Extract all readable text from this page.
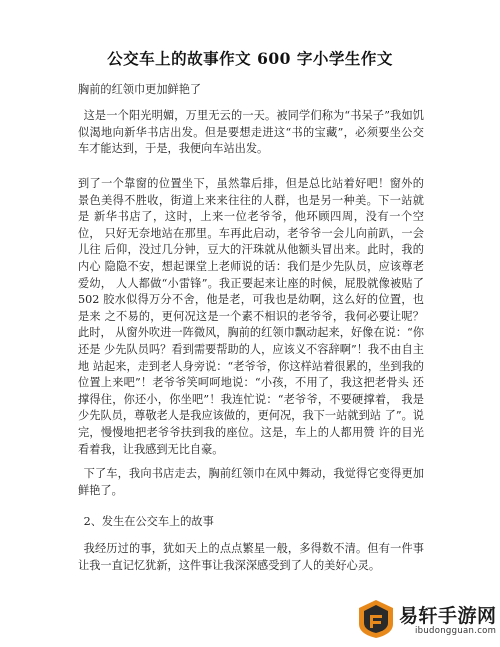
公交车上的故事作文 600 字小学生作文
胸前的红领巾更加鲜艳了
这是一个阳光明媚，万里无云的一天。被同学们称为“书呆子”我如饥似渴地向新华书店出发。但是要想走进这“书的宝藏”，必须要坐公交车才能达到，于是，我便向车站出发。
到了一个靠窗的位置坐下，虽然靠后排，但是总比站着好吧！窗外的 景色美得不胜收，街道上来来往往的人群，也是另一种美。下一站就是 新华书店了，这时，上来一位老爷爷，他环顾四周，没有一个空位， 只好无奈地站在那里。车再此启动，老爷爷一会儿向前趴，一会儿往 后仰，没过几分钟，豆大的汗珠就从他额头冒出来。此时，我的内心 隐隐不安，想起课堂上老师说的话：我们是少先队员，应该尊老爱幼， 人人都做“小雷锋”。我正要起来让座的时候，屁股就像被贴了 502 胶水似得万分不舍，他是老，可我也是幼啊，这么好的位置，也是来 之不易的，更何况这是一个素不相识的老爷爷，我何必要让呢？此时， 从窗外吹进一阵微风，胸前的红领巾飘动起来，好像在说：“你还是 少先队员吗？看到需要帮助的人，应该义不容辞啊”！我不由自主地 站起来，走到老人身旁说：“老爷爷，你这样站着很累的，坐到我的 位置上来吧”！老爷爷笑呵呵地说：“小孩，不用了，我这把老骨头 还撑得住，你还小，你坐吧”！我连忙说：“老爷爷，不要硬撑着， 我是少先队员，尊敬老人是我应该做的，更何况，我下一站就到站 了”。说完，慢慢地把老爷爷扶到我的座位。这是，车上的人都用赞 许的目光看着我，让我感到无比自豪。
下了车，我向书店走去，胸前红领巾在风中舞动，我觉得它变得更加鲜艳了。
2、发生在公交车上的故事
我经历过的事，犹如天上的点点繁星一般，多得数不清。但有一件事让我一直记忆犹新，这件事让我深深感受到了人的美好心灵。
易轩手游网
ibudongguan.com
